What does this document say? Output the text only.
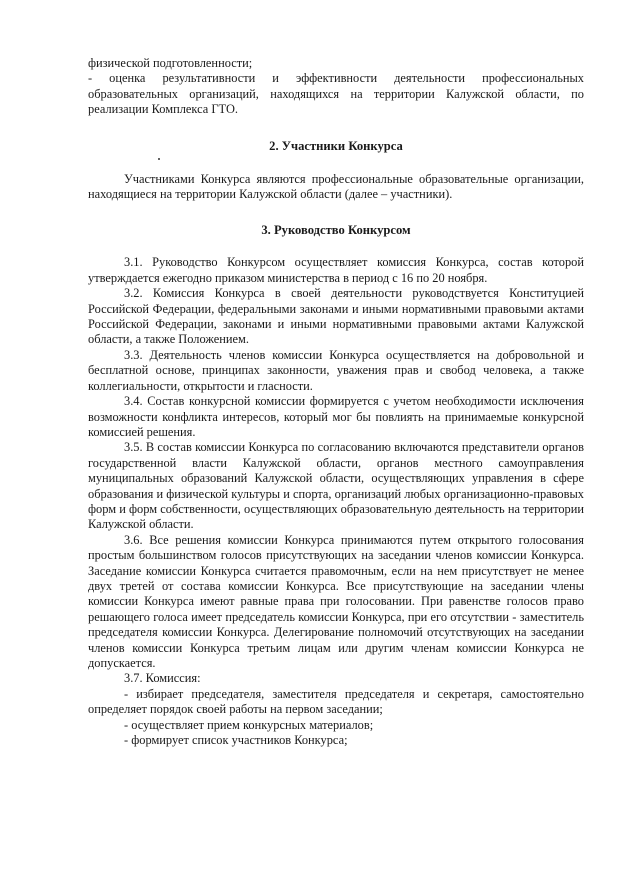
физической подготовленности;

- оценка результативности и эффективности деятельности профессиональных образовательных организаций, находящихся на территории Калужской области, по реализации Комплекса ГТО.

2. Участники Конкурса

Участниками Конкурса являются профессиональные образовательные организации, находящиеся на территории Калужской области (далее – участники).

3. Руководство Конкурсом

3.1. Руководство Конкурсом осуществляет комиссия Конкурса, состав которой утверждается ежегодно приказом министерства в период с 16 по 20 ноября.

3.2. Комиссия Конкурса в своей деятельности руководствуется Конституцией Российской Федерации, федеральными законами и иными нормативными правовыми актами Российской Федерации, законами и иными нормативными правовыми актами Калужской области, а также Положением.

3.3. Деятельность членов комиссии Конкурса осуществляется на добровольной и бесплатной основе, принципах законности, уважения прав и свобод человека, а также коллегиальности, открытости и гласности.

3.4. Состав конкурсной комиссии формируется с учетом необходимости исключения возможности конфликта интересов, который мог бы повлиять на принимаемые конкурсной комиссией решения.

3.5. В состав комиссии Конкурса по согласованию включаются представители органов государственной власти Калужской области, органов местного самоуправления муниципальных образований Калужской области, осуществляющих управления в сфере образования и физической культуры и спорта, организаций любых организационно-правовых форм и форм собственности, осуществляющих образовательную деятельность на территории Калужской области.

3.6. Все решения комиссии Конкурса принимаются путем открытого голосования простым большинством голосов присутствующих на заседании членов комиссии Конкурса. Заседание комиссии Конкурса считается правомочным, если на нем присутствует не менее двух третей от состава комиссии Конкурса. Все присутствующие на заседании члены комиссии Конкурса имеют равные права при голосовании. При равенстве голосов право решающего голоса имеет председатель комиссии Конкурса, при его отсутствии - заместитель председателя комиссии Конкурса. Делегирование полномочий отсутствующих на заседании членов комиссии Конкурса третьим лицам или другим членам комиссии Конкурса не допускается.

3.7. Комиссия:

- избирает председателя, заместителя председателя и секретаря, самостоятельно определяет порядок своей работы на первом заседании;

- осуществляет прием конкурсных материалов;

- формирует список участников Конкурса;
